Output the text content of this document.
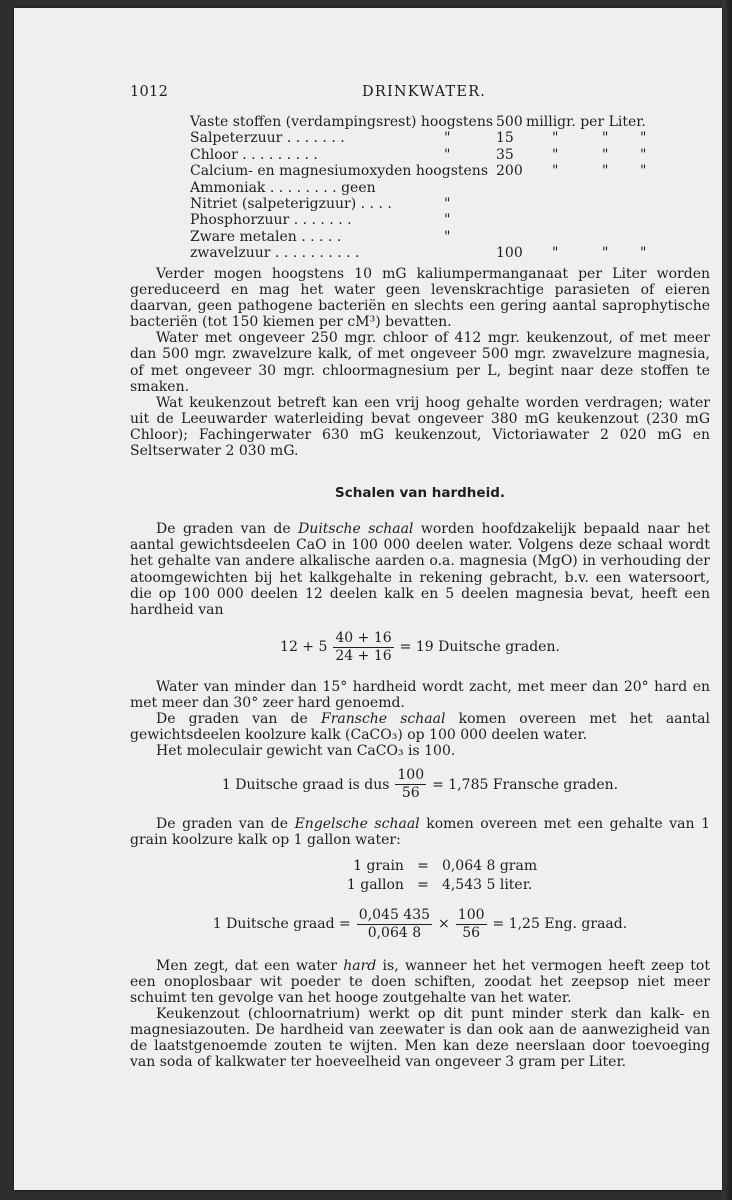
1012	DRINKWATER.
Vaste stoffen (verdampingsrest) hoogstens 500 milligr. per Liter.
Salpeterzuur . . . . . . .	"	15	"	" "
Chloor . . . . . . . . .	"	35	"	" "
Calcium- en magnesiumoxyden hoogstens 200 "	" "
Ammoniak . . . . . . . . geen
Nitriet (salpeterigzuur) . . . .	"
Phosphorzuur . . . . . . .	"
Zware metalen . . . . .	"
zwavelzuur . . . . . . . . . .	100 "	" "

Verder mogen hoogstens 10 mG kaliumpermanganaat per Liter worden gereduceerd en mag het water geen levenskrachtige parasieten of eieren daarvan, geen pathogene bacteriën en slechts een gering aantal saprophytische bacteriën (tot 150 kiemen per cM³) bevatten.

Water met ongeveer 250 mgr. chloor of 412 mgr. keukenzout, of met meer dan 500 mgr. zwavelzure kalk, of met ongeveer 500 mgr. zwavelzure magnesia, of met ongeveer 30 mgr. chloormagnesium per L, begint naar deze stoffen te smaken.

Wat keukenzout betreft kan een vrij hoog gehalte worden verdragen; water uit de Leeuwarder waterleiding bevat ongeveer 380 mG keukenzout (230 mG Chloor); Fachingerwater 630 mG keukenzout, Victoriawater 2 020 mG en Seltserwater 2 030 mG.

Schalen van hardheid.

De graden van de Duitsche schaal worden hoofdzakelijk bepaald naar het aantal gewichtsdeelen CaO in 100 000 deelen water. Volgens deze schaal wordt het gehalte van andere alkalische aarden o.a. magnesia (MgO) in verhouding der atoomgewichten bij het kalkgehalte in rekening gebracht, b.v. een watersoort, die op 100 000 deelen 12 deelen kalk en 5 deelen magnesia bevat, heeft een hardheid van

$12 + 5 \frac{40 + 16}{24 + 16} = 19$ Duitsche graden.

Water van minder dan 15° hardheid wordt zacht, met meer dan 20° hard en met meer dan 30° zeer hard genoemd.

De graden van de Fransche schaal komen overeen met het aantal gewichtsdeelen koolzure kalk (CaCO₃) op 100 000 deelen water.

Het moleculair gewicht van CaCO₃ is 100.

1 Duitsche graad is dus $\frac{100}{56} = 1,785$ Fransche graden.

De graden van de Engelsche schaal komen overeen met een gehalte van 1 grain koolzure kalk op 1 gallon water:

1 grain = 0,064 8 gram
1 gallon = 4,543 5 liter.
1 Duitsche graad = $\frac{0,045 435}{0,064 8} \times \frac{100}{56} = 1,25$ Eng. graad.

Men zegt, dat een water hard is, wanneer het het vermogen heeft zeep tot een onoplosbaar wit poeder te doen schiften, zoodat het zeepsop niet meer schuimt ten gevolge van het hooge zoutgehalte van het water.

Keukenzout (chloornatrium) werkt op dit punt minder sterk dan kalk- en magnesiazouten. De hardheid van zeewater is dan ook aan de aanwezigheid van de laatstgenoemde zouten te wijten. Men kan deze neerslaan door toevoeging van soda of kalkwater ter hoeveelheid van ongeveer 3 gram per Liter.
